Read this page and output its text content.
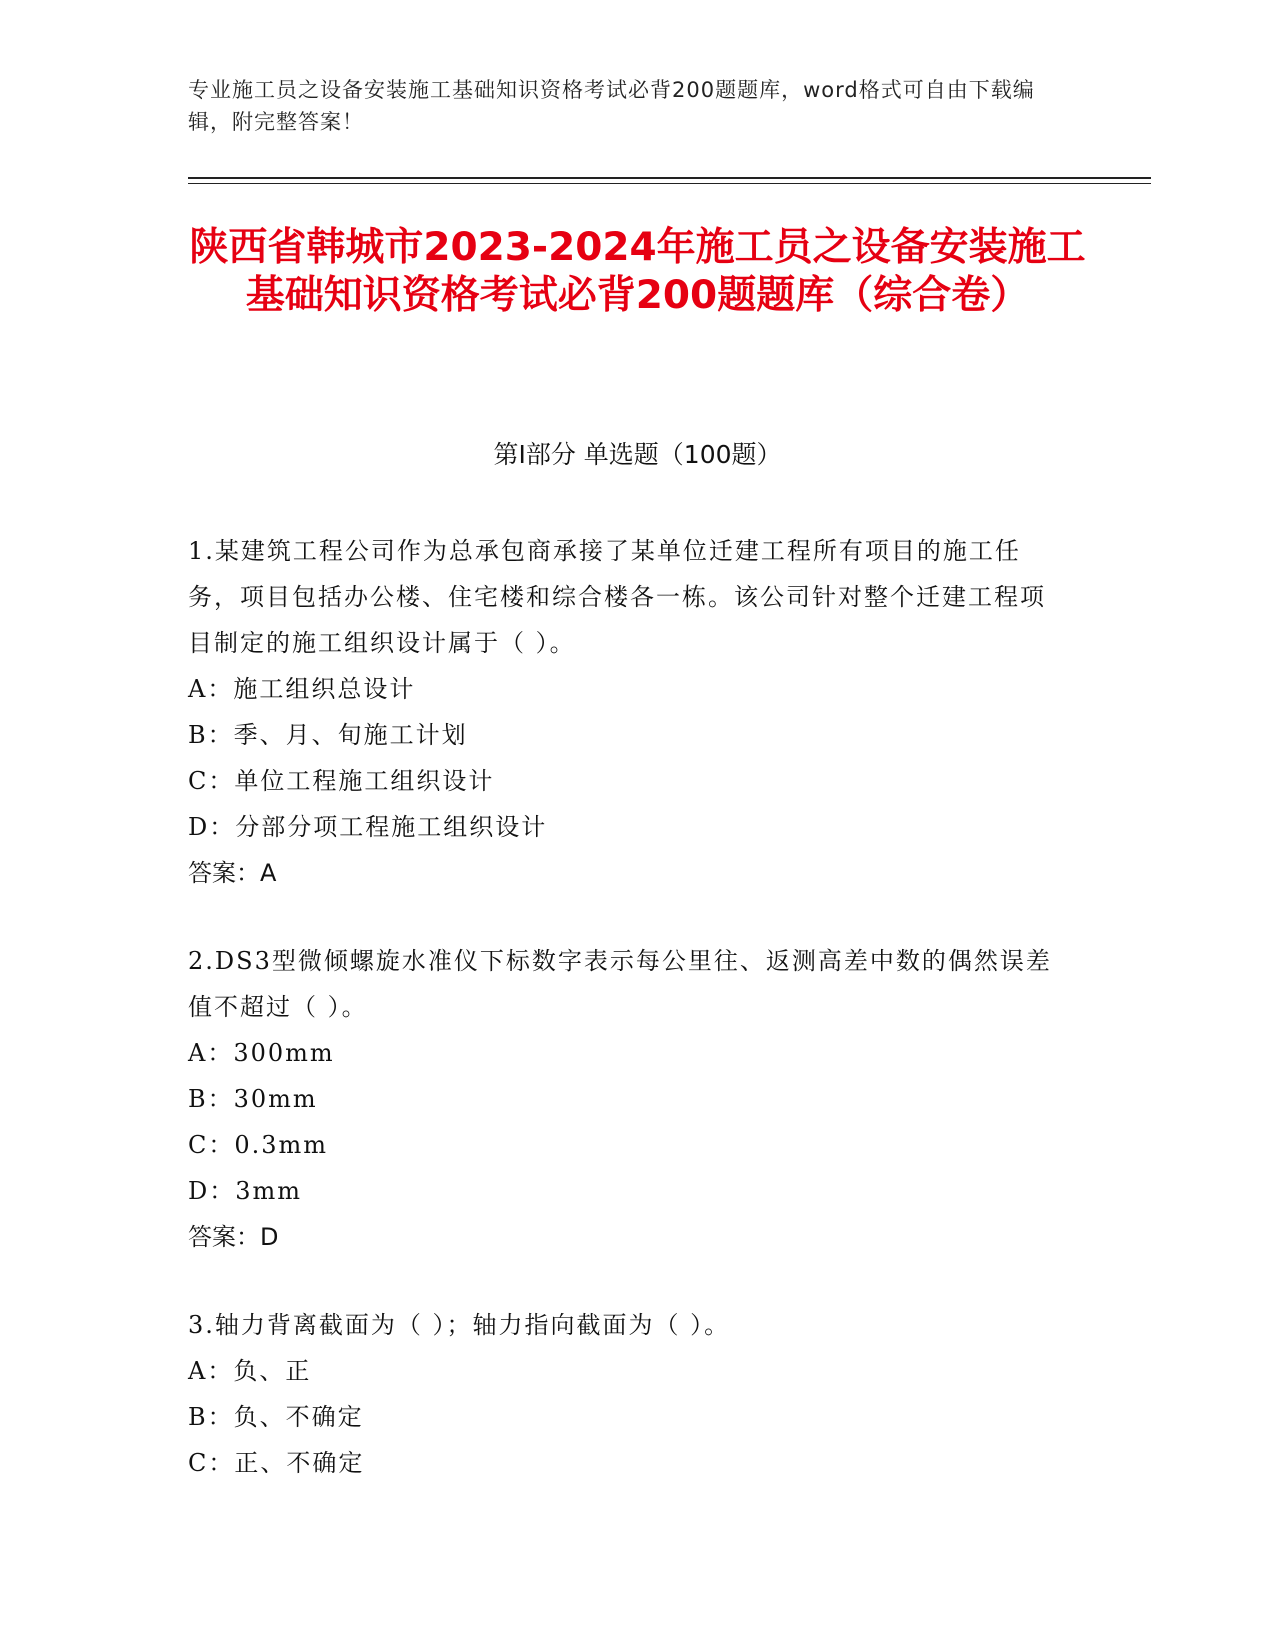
专业施工员之设备安装施工基础知识资格考试必背200题题库，word格式可自由下载编辑，附完整答案！
陕西省韩城市2023-2024年施工员之设备安装施工基础知识资格考试必背200题题库（综合卷）
第Ⅰ部分 单选题（100题）

1.某建筑工程公司作为总承包商承接了某单位迁建工程所有项目的施工任务，项目包括办公楼、住宅楼和综合楼各一栋。该公司针对整个迁建工程项目制定的施工组织设计属于（ ）。

A：施工组织总设计

B：季、月、旬施工计划

C：单位工程施工组织设计

D：分部分项工程施工组织设计

答案：A

2.DS3型微倾螺旋水准仪下标数字表示每公里往、返测高差中数的偶然误差值不超过（ ）。

A：300mm

B：30mm

C：0.3mm

D：3mm

答案：D

3.轴力背离截面为（ ）；轴力指向截面为（ ）。

A：负、正

B：负、不确定

C：正、不确定
